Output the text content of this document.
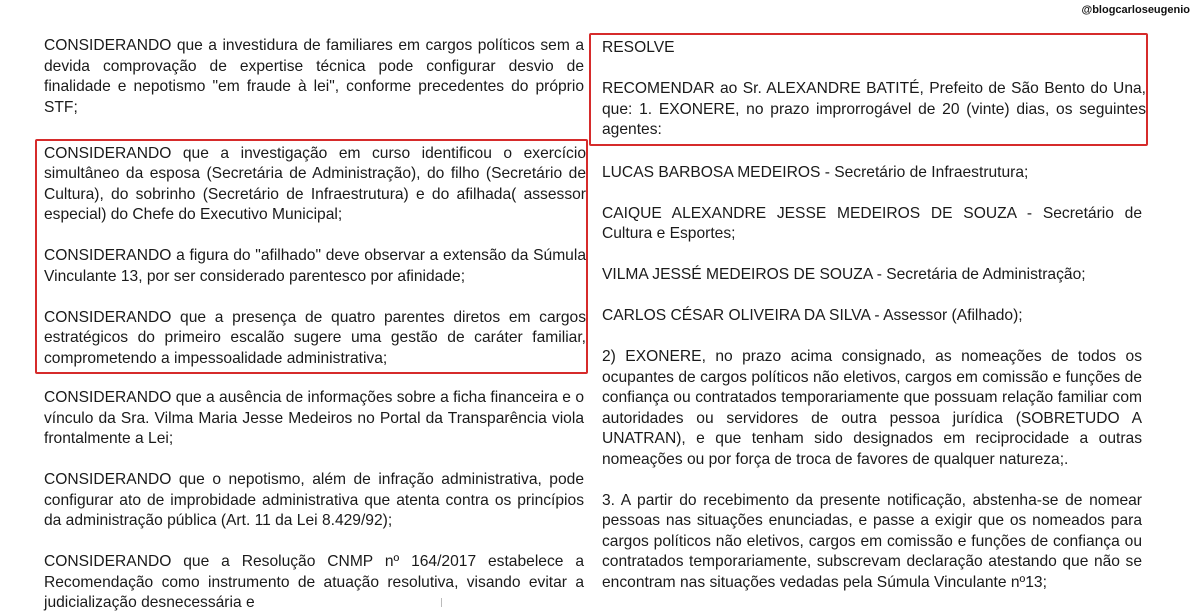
@blogcarloseugenio

CONSIDERANDO que a investidura de familiares em cargos políticos sem a devida comprovação de expertise técnica pode configurar desvio de finalidade e nepotismo "em fraude à lei", conforme precedentes do próprio STF;

CONSIDERANDO que a investigação em curso identificou o exercício simultâneo da esposa (Secretária de Administração), do filho (Secretário de Cultura), do sobrinho (Secretário de Infraestrutura) e do afilhada( assessor especial) do Chefe do Executivo Municipal;

CONSIDERANDO a figura do "afilhado" deve observar a extensão da Súmula Vinculante 13, por ser considerado parentesco por afinidade;

CONSIDERANDO que a presença de quatro parentes diretos em cargos estratégicos do primeiro escalão sugere uma gestão de caráter familiar, comprometendo a impessoalidade administrativa;

CONSIDERANDO que a ausência de informações sobre a ficha financeira e o vínculo da Sra. Vilma Maria Jesse Medeiros no Portal da Transparência viola frontalmente a Lei;

CONSIDERANDO que o nepotismo, além de infração administrativa, pode configurar ato de improbidade administrativa que atenta contra os princípios da administração pública (Art. 11 da Lei 8.429/92);

CONSIDERANDO que a Resolução CNMP nº 164/2017 estabelece a Recomendação como instrumento de atuação resolutiva, visando evitar a judicialização desnecessária e

RESOLVE

RECOMENDAR ao Sr. ALEXANDRE BATITÉ, Prefeito de São Bento do Una, que: 1. EXONERE, no prazo improrrogável de 20 (vinte) dias, os seguintes agentes:

LUCAS BARBOSA MEDEIROS - Secretário de Infraestrutura;

CAIQUE ALEXANDRE JESSE MEDEIROS DE SOUZA - Secretário de Cultura e Esportes;

VILMA JESSÉ MEDEIROS DE SOUZA - Secretária de Administração;

CARLOS CÉSAR OLIVEIRA DA SILVA - Assessor (Afilhado);

2) EXONERE, no prazo acima consignado, as nomeações de todos os ocupantes de cargos políticos não eletivos, cargos em comissão e funções de confiança ou contratados temporariamente que possuam relação familiar com autoridades ou servidores de outra pessoa jurídica (SOBRETUDO A UNATRAN), e que tenham sido designados em reciprocidade a outras nomeações ou por força de troca de favores de qualquer natureza;.

3. A partir do recebimento da presente notificação, abstenha-se de nomear pessoas nas situações enunciadas, e passe a exigir que os nomeados para cargos políticos não eletivos, cargos em comissão e funções de confiança ou contratados temporariamente, subscrevam declaração atestando que não se encontram nas situações vedadas pela Súmula Vinculante nº13;
